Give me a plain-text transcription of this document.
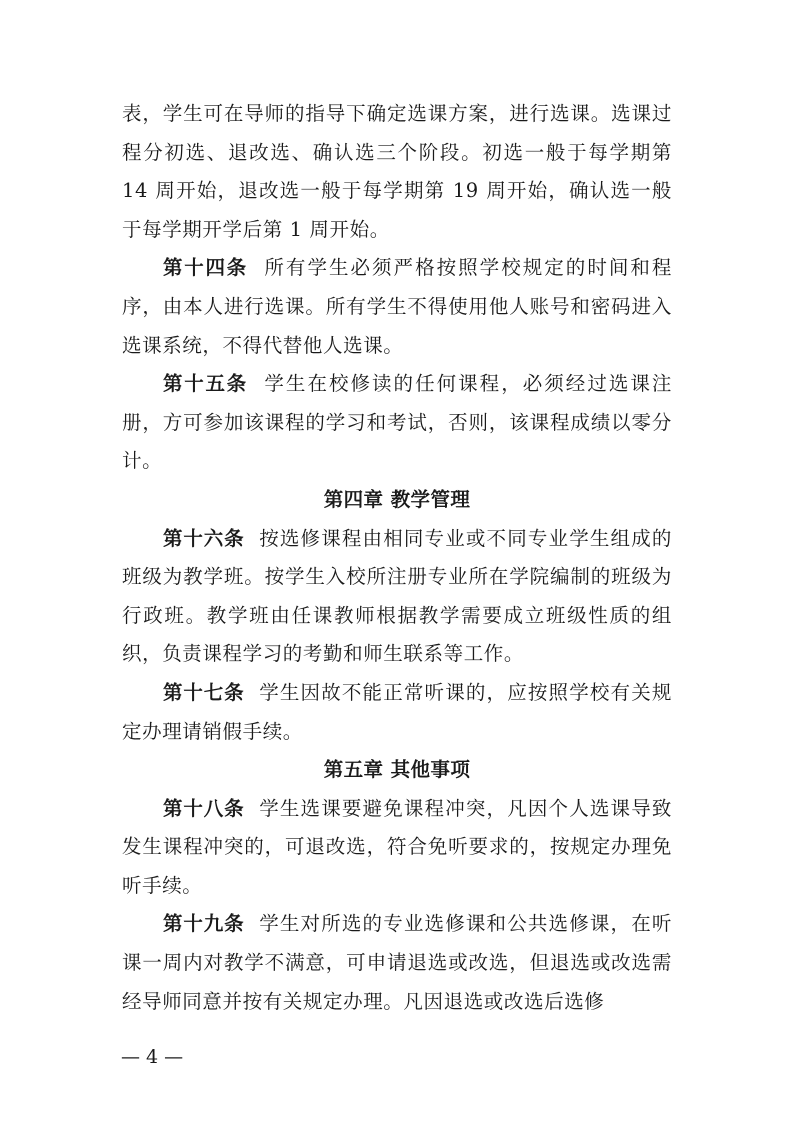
表，学生可在导师的指导下确定选课方案，进行选课。选课过程分初选、退改选、确认选三个阶段。初选一般于每学期第 14 周开始，退改选一般于每学期第 19 周开始，确认选一般于每学期开学后第 1 周开始。

第十四条 所有学生必须严格按照学校规定的时间和程序，由本人进行选课。所有学生不得使用他人账号和密码进入选课系统，不得代替他人选课。

第十五条 学生在校修读的任何课程，必须经过选课注册，方可参加该课程的学习和考试，否则，该课程成绩以零分计。

第四章 教学管理

第十六条 按选修课程由相同专业或不同专业学生组成的班级为教学班。按学生入校所注册专业所在学院编制的班级为行政班。教学班由任课教师根据教学需要成立班级性质的组织，负责课程学习的考勤和师生联系等工作。

第十七条 学生因故不能正常听课的，应按照学校有关规定办理请销假手续。

第五章 其他事项

第十八条 学生选课要避免课程冲突，凡因个人选课导致发生课程冲突的，可退改选，符合免听要求的，按规定办理免听手续。

第十九条 学生对所选的专业选修课和公共选修课，在听课一周内对教学不满意，可申请退选或改选，但退选或改选需经导师同意并按有关规定办理。凡因退选或改选后选修

— 4 —
